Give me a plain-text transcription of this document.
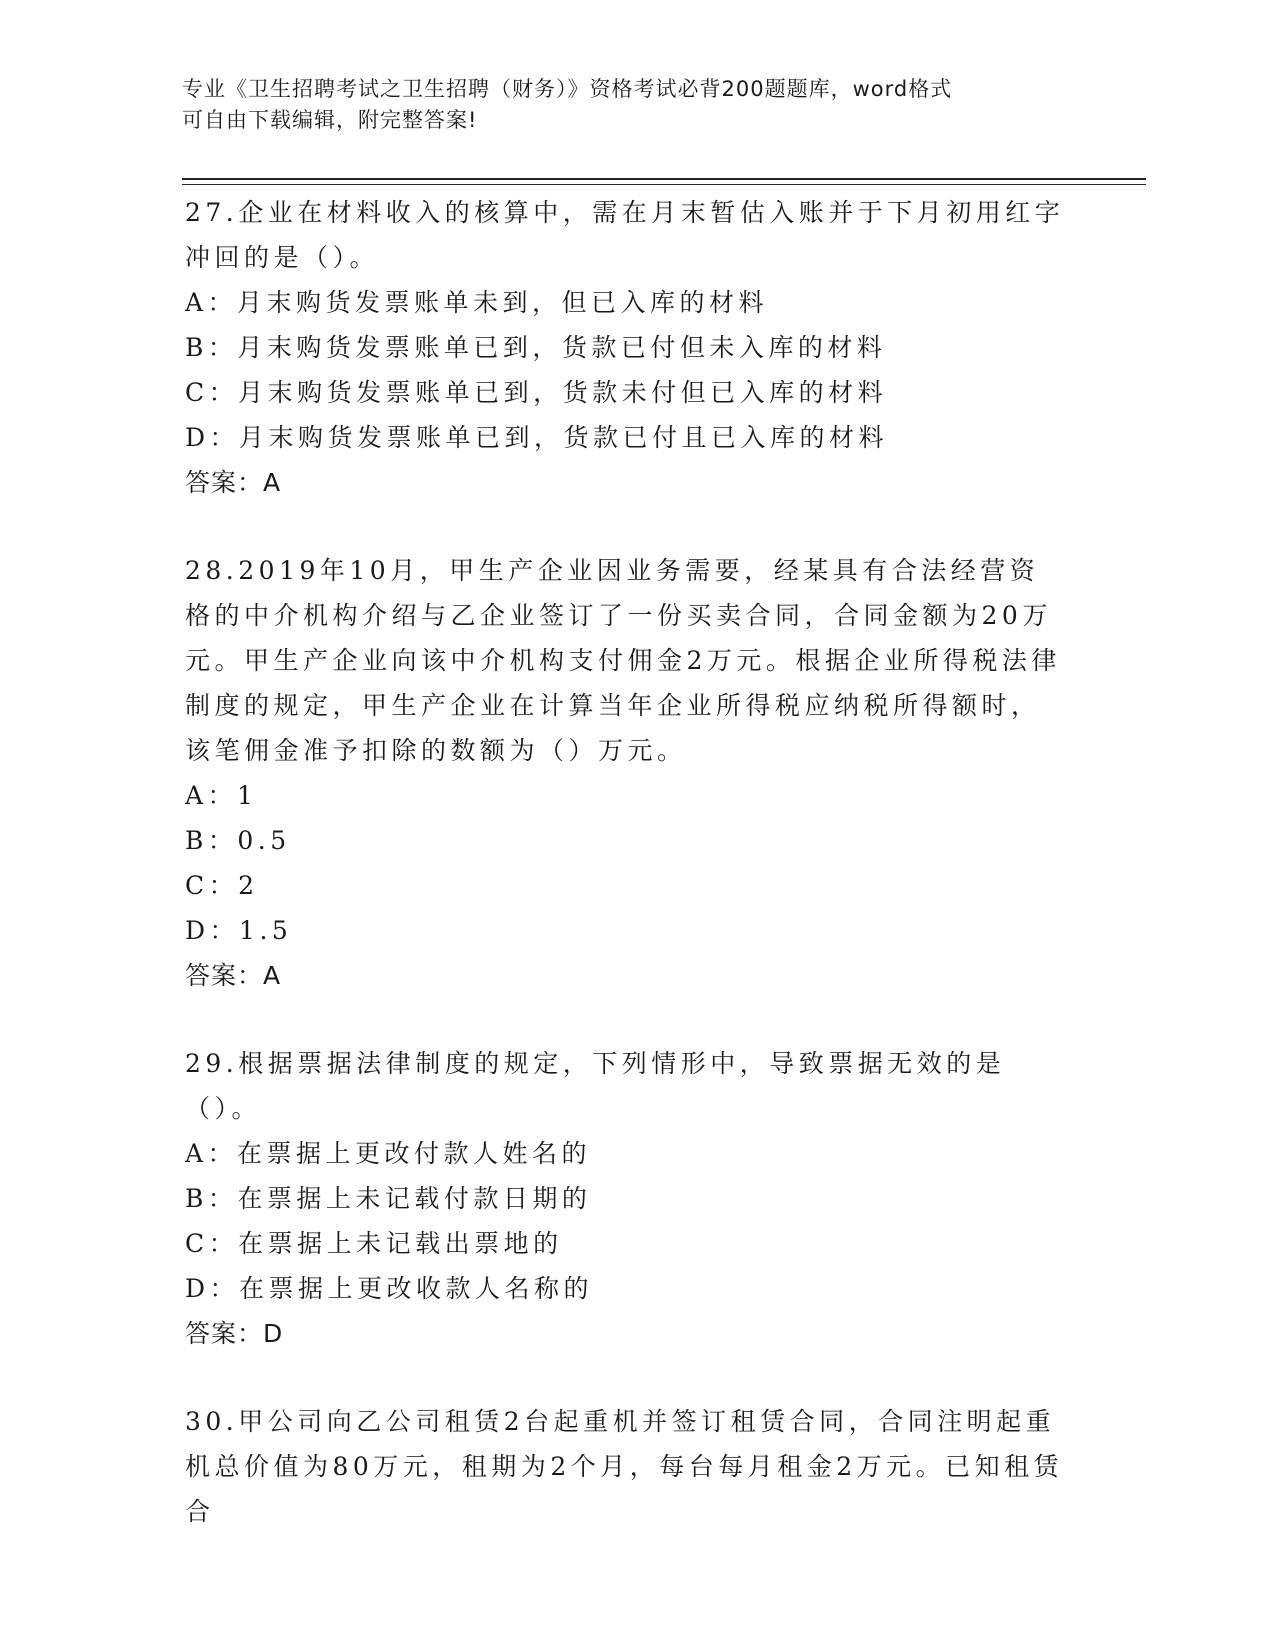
专业《卫生招聘考试之卫生招聘（财务）》资格考试必背200题题库，word格式
可自由下载编辑，附完整答案!

27.企业在材料收入的核算中，需在月末暂估入账并于下月初用红字冲回的是（）。

A：月末购货发票账单未到，但已入库的材料

B：月末购货发票账单已到，货款已付但未入库的材料

C：月末购货发票账单已到，货款未付但已入库的材料

D：月末购货发票账单已到，货款已付且已入库的材料

答案：A

28.2019年10月，甲生产企业因业务需要，经某具有合法经营资格的中介机构介绍与乙企业签订了一份买卖合同，合同金额为20万元。甲生产企业向该中介机构支付佣金2万元。根据企业所得税法律制度的规定，甲生产企业在计算当年企业所得税应纳税所得额时，该笔佣金准予扣除的数额为（）万元。

A：1

B：0.5

C：2

D：1.5

答案：A

29.根据票据法律制度的规定，下列情形中，导致票据无效的是（）。

A：在票据上更改付款人姓名的

B：在票据上未记载付款日期的

C：在票据上未记载出票地的

D：在票据上更改收款人名称的

答案：D

30.甲公司向乙公司租赁2台起重机并签订租赁合同，合同注明起重机总价值为80万元，租期为2个月，每台每月租金2万元。已知租赁合
